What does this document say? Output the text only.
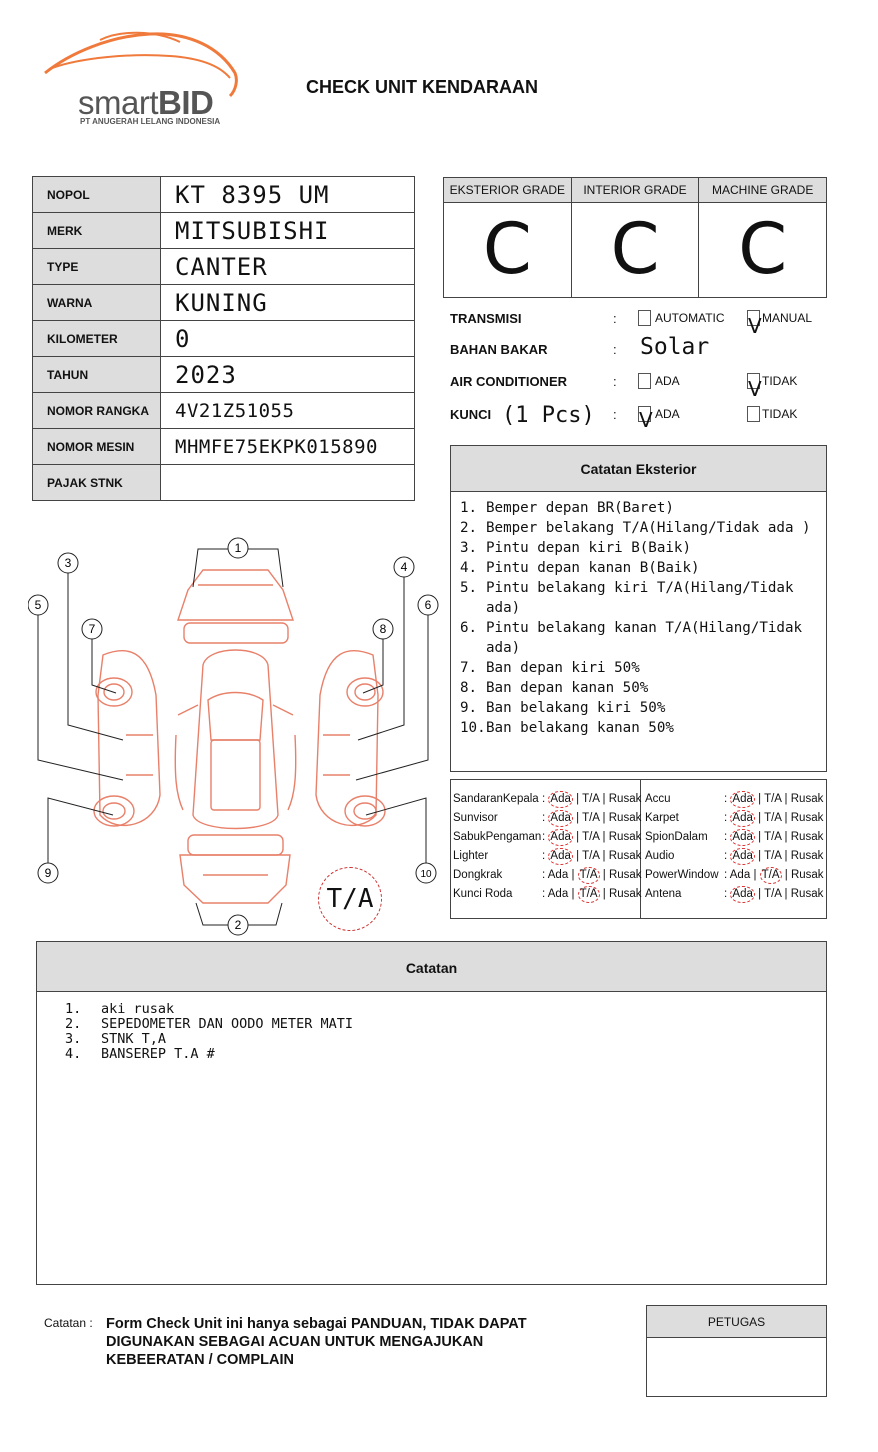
smartBID
PT ANUGERAH LELANG INDONESIA
CHECK UNIT KENDARAAN
NOPOL	KT 8395 UM
MERK	MITSUBISHI
TYPE	CANTER
WARNA	KUNING
KILOMETER	0
TAHUN	2023
NOMOR RANGKA	4V21Z51055
NOMOR MESIN	MHMFE75EKPK015890
PAJAK STNK	
EKSTERIOR GRADE
C
INTERIOR GRADE
C
MACHINE GRADE
C
TRANSMISI	:	AUTOMATIC V MANUAL
BAHAN BAKAR	: Solar
AIR CONDITIONER	:	ADA	V TIDAK
KUNCI (1 Pcs) : V ADA	TIDAK
Catatan Eksterior
1. Bemper depan BR(Baret)
2. Bemper belakang T/A(Hilang/Tidak ada )
3. Pintu depan kiri B(Baik)
4. Pintu depan kanan B(Baik)
5. Pintu belakang kiri T/A(Hilang/Tidak ada)
6. Pintu belakang kanan T/A(Hilang/Tidak ada)
7. Ban depan kiri 50%
8. Ban depan kanan 50%
9. Ban belakang kiri 50%
10. Ban belakang kanan 50%
SandaranKepala : Ada | T/A | Rusak
Sunvisor	: Ada | T/A | Rusak
SabukPengaman : Ada | T/A | Rusak
Lighter	: Ada | T/A | Rusak
Dongkrak	: Ada | T/A | Rusak
Kunci Roda	: Ada | T/A | Rusak
Accu	: Ada | T/A | Rusak
Karpet	: Ada | T/A | Rusak
SpionDalam : Ada | T/A | Rusak
Audio	: Ada | T/A | Rusak
PowerWindow : Ada | T/A | Rusak
Antena	: Ada | T/A | Rusak
1
2
3	4
5	6
7	8
9	10
T/A
Catatan
1.	aki rusak
2.	SEPEDOMETER DAN OODO METER MATI
3.	STNK T,A
4.	BANSEREP T.A #
Catatan : Form Check Unit ini hanya sebagai PANDUAN, TIDAK DAPAT DIGUNAKAN SEBAGAI ACUAN UNTUK MENGAJUKAN KEBEERATAN / COMPLAIN
PETUGAS
